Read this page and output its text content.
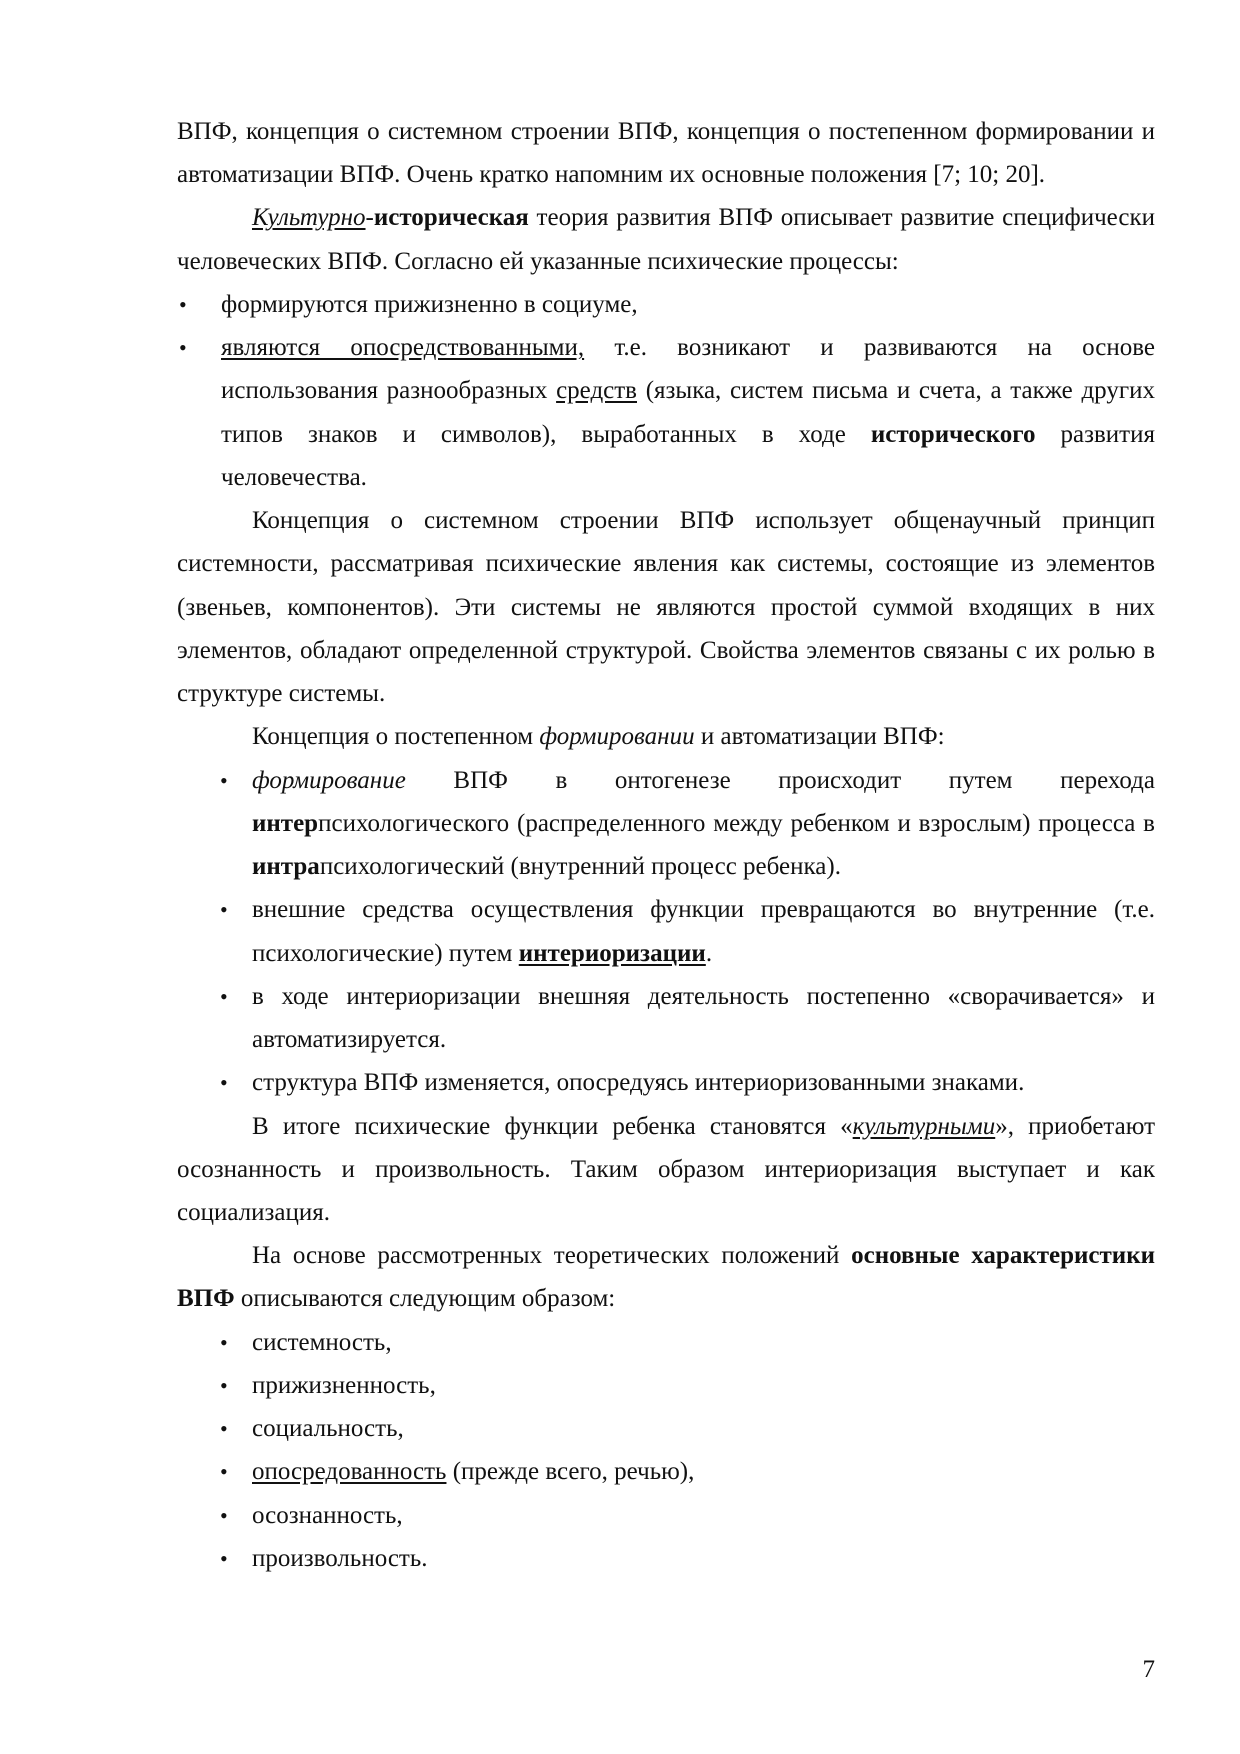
ВПФ, концепция о системном строении ВПФ, концепция о постепенном формировании и
автоматизации ВПФ. Очень кратко напомним их основные положения [7; 10; 20].
Культурно-историческая теория развития ВПФ описывает развитие специфически
человеческих ВПФ. Согласно ей указанные психические процессы:
• формируются прижизненно в социуме,
• являются опосредствованными, т.е. возникают и развиваются на основе
использования разнообразных средств (языка, систем письма и счета, а также других
типов знаков и символов), выработанных в ходе исторического развития
человечества.
Концепция о системном строении ВПФ использует общенаучный принцип
системности, рассматривая психические явления как системы, состоящие из элементов
(звеньев, компонентов). Эти системы не являются простой суммой входящих в них
элементов, обладают определенной структурой. Свойства элементов связаны с их ролью в
структуре системы.
Концепция о постепенном формировании и автоматизации ВПФ:
• формирование ВПФ в онтогенезе происходит путем перехода
интерпсихологического (распределенного между ребенком и взрослым) процесса в
интрапсихологический (внутренний процесс ребенка).
• внешние средства осуществления функции превращаются во внутренние (т.е.
психологические) путем интериоризации.
• в ходе интериоризации внешняя деятельность постепенно «сворачивается» и
автоматизируется.
• структура ВПФ изменяется, опосредуясь интериоризованными знаками.
В итоге психические функции ребенка становятся «культурными», приобетают
осознанность и произвольность. Таким образом интериоризация выступает и как
социализация.
На основе рассмотренных теоретических положений основные характеристики
ВПФ описываются следующим образом:
• системность,
• прижизненность,
• социальность,
• опосредованность (прежде всего, речью),
• осознанность,
• произвольность.
7
